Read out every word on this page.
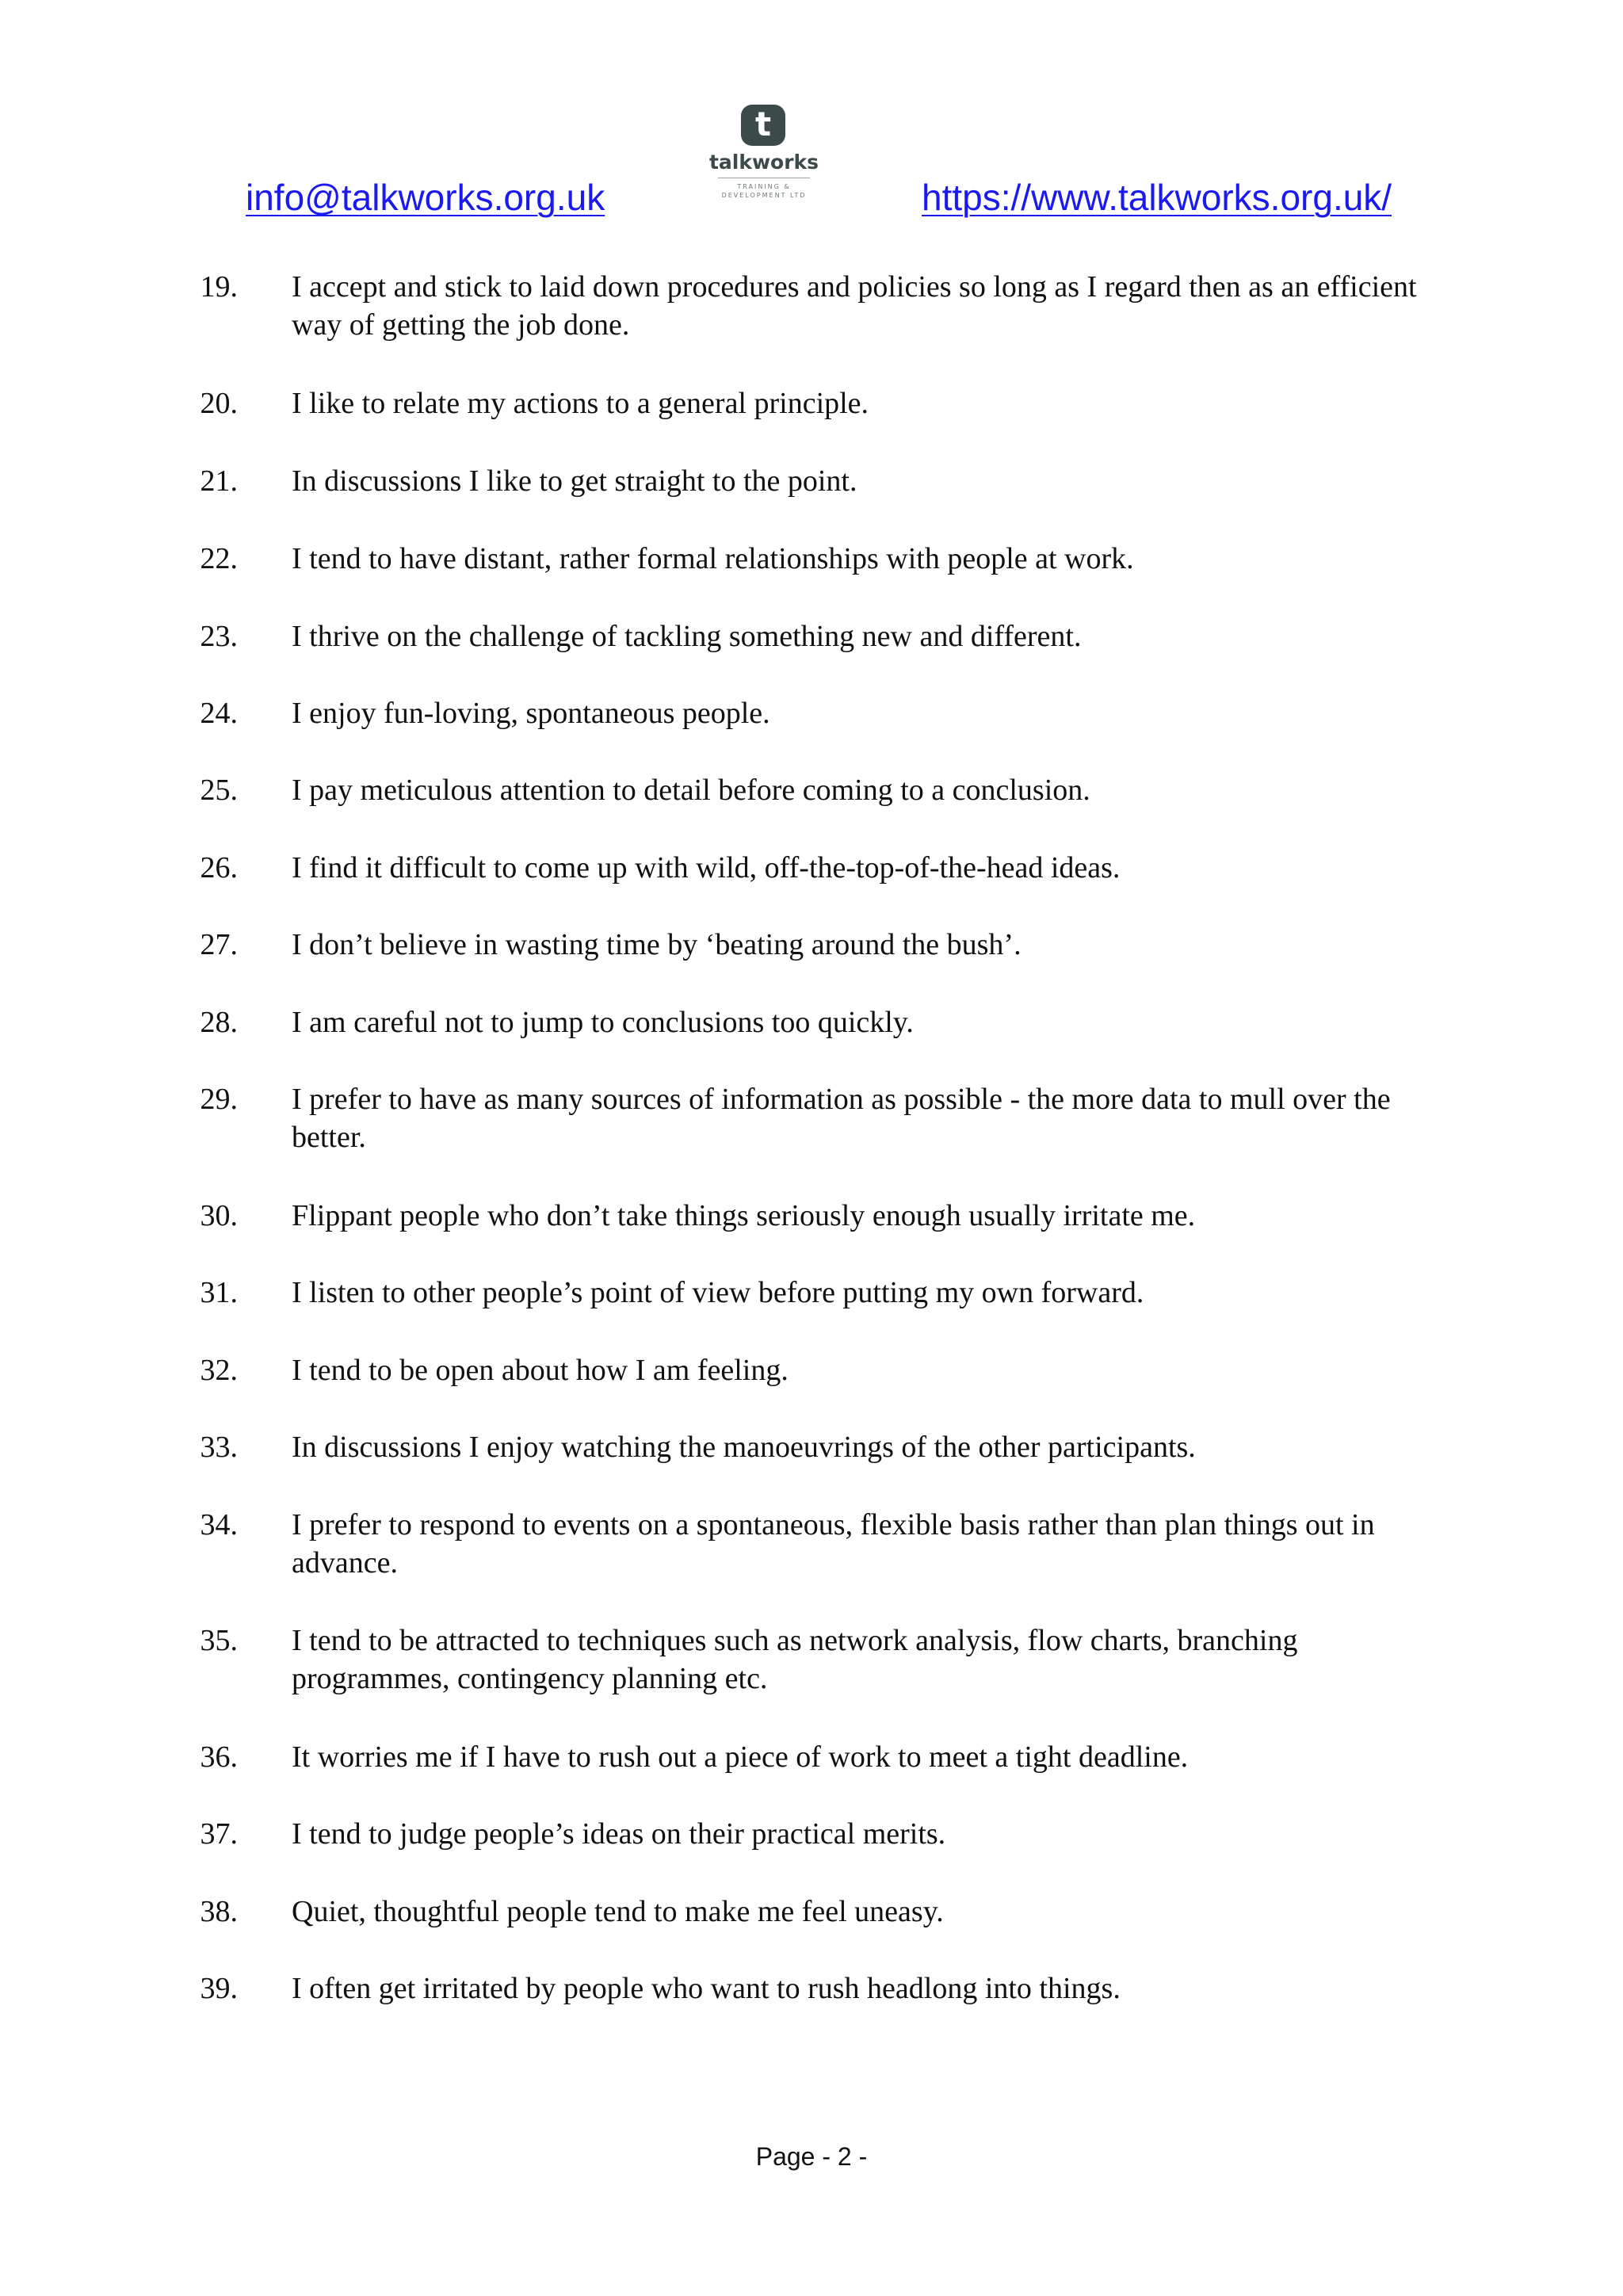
info@talkworks.org.uk
t
talkworks
TRAINING &
DEVELOPMENT LTD	https://www.talkworks.org.uk/
19. I accept and stick to laid down procedures and policies so long as I regard then as an efficient way of getting the job done.
20. I like to relate my actions to a general principle.
21. In discussions I like to get straight to the point.
22. I tend to have distant, rather formal relationships with people at work.
23. I thrive on the challenge of tackling something new and different.
24. I enjoy fun-loving, spontaneous people.
25. I pay meticulous attention to detail before coming to a conclusion.
26. I find it difficult to come up with wild, off-the-top-of-the-head ideas.
27. I don’t believe in wasting time by ‘beating around the bush’.
28. I am careful not to jump to conclusions too quickly.
29. I prefer to have as many sources of information as possible - the more data to mull over the better.
30. Flippant people who don’t take things seriously enough usually irritate me.
31. I listen to other people’s point of view before putting my own forward.
32. I tend to be open about how I am feeling.
33. In discussions I enjoy watching the manoeuvrings of the other participants.
34. I prefer to respond to events on a spontaneous, flexible basis rather than plan things out in advance.
35. I tend to be attracted to techniques such as network analysis, flow charts, branching programmes, contingency planning etc.
36. It worries me if I have to rush out a piece of work to meet a tight deadline.
37. I tend to judge people’s ideas on their practical merits.
38. Quiet, thoughtful people tend to make me feel uneasy.
39. I often get irritated by people who want to rush headlong into things.
Page - 2 -
